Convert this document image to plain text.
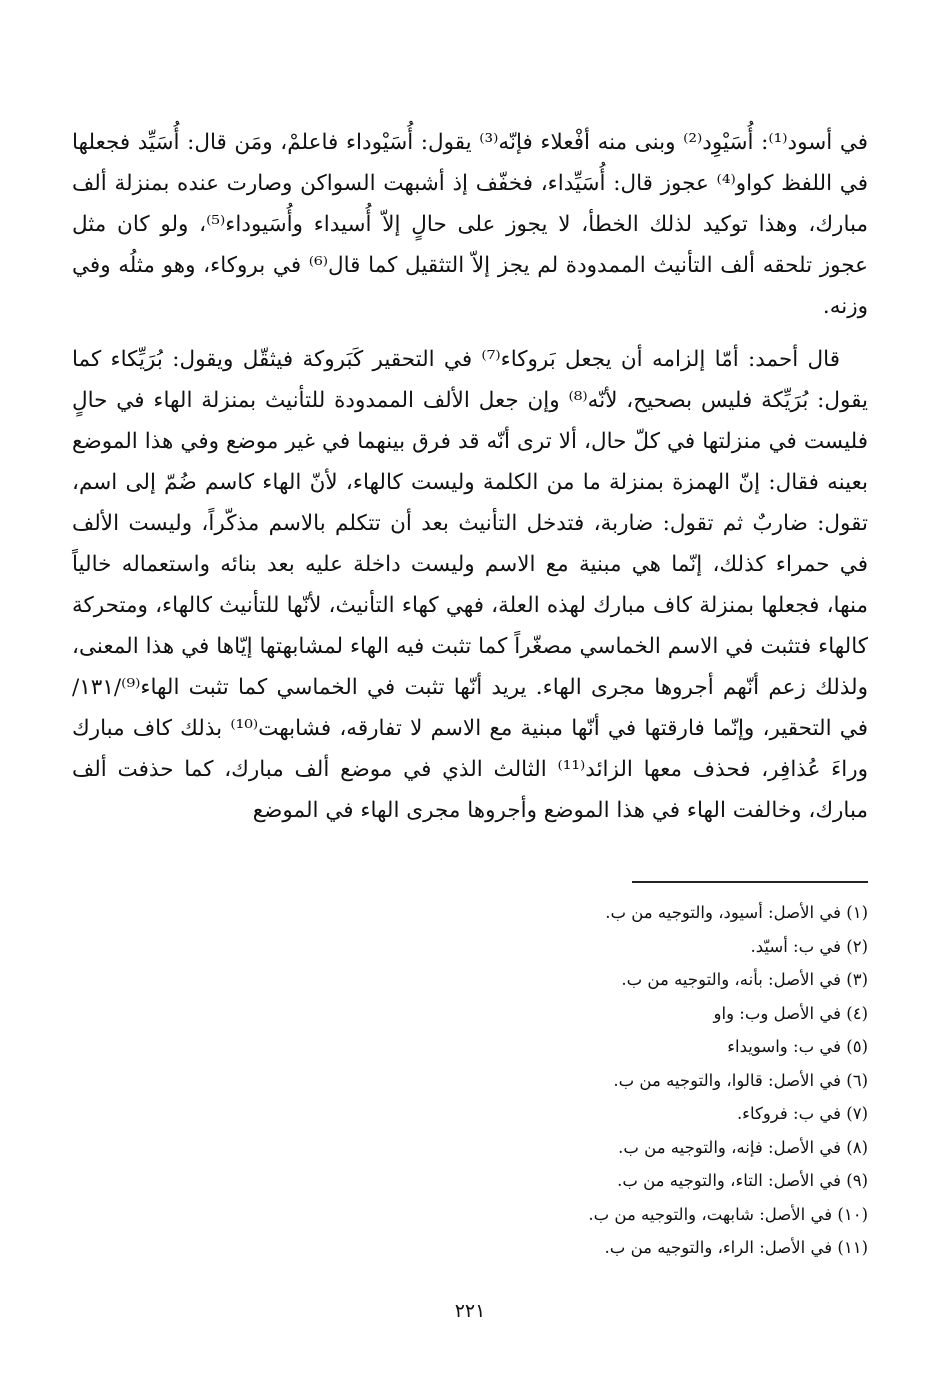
في أسود⁽¹⁾: أُسَيْوِد⁽²⁾ وبنى منه أفْعلاء فإنّه⁽³⁾ يقول: أُسَيْوداء فاعلمْ، ومَن قال: أُسَيِّد فجعلها في اللفظ كواو⁽⁴⁾ عجوز قال: أُسَيِّداء، فخفّف إذ أشبهت السواكن وصارت عنده بمنزلة ألف مبارك، وهذا توكيد لذلك الخطأ، لا يجوز على حالٍ إلاّ أُسيداء وأُسَيوداء⁽⁵⁾، ولو كان مثل عجوز تلحقه ألف التأنيث الممدودة لم يجز إلاّ التثقيل كما قال⁽⁶⁾ في بروكاء، وهو مثلُه وفي وزنه.

قال أحمد: أمّا إلزامه أن يجعل بَروكاء⁽⁷⁾ في التحقير كَبَروكة فيثقّل ويقول: بُرَيِّكاء كما يقول: بُرَيِّكة فليس بصحيح، لأنّه⁽⁸⁾ وإن جعل الألف الممدودة للتأنيث بمنزلة الهاء في حالٍ فليست في منزلتها في كلّ حال، ألا ترى أنّه قد فرق بينهما في غير موضع وفي هذا الموضع بعينه فقال: إنّ الهمزة بمنزلة ما من الكلمة وليست كالهاء، لأنّ الهاء كاسم ضُمّ إلى اسم، تقول: ضاربٌ ثم تقول: ضاربة، فتدخل التأنيث بعد أن تتكلم بالاسم مذكّراً، وليست الألف في حمراء كذلك، إنّما هي مبنية مع الاسم وليست داخلة عليه بعد بنائه واستعماله خالياً منها، فجعلها بمنزلة كاف مبارك لهذه العلة، فهي كهاء التأنيث، لأنّها للتأنيث كالهاء، ومتحركة كالهاء فتثبت في الاسم الخماسي مصغّراً كما تثبت فيه الهاء لمشابهتها إيّاها في هذا المعنى، ولذلك زعم أنّهم أجروها مجرى الهاء. يريد أنّها تثبت في الخماسي كما تثبت الهاء⁽⁹⁾/١٣١/ في التحقير، وإنّما فارقتها في أنّها مبنية مع الاسم لا تفارقه، فشابهت⁽¹⁰⁾ بذلك كاف مبارك وراءَ عُذافِر، فحذف معها الزائد⁽¹¹⁾ الثالث الذي في موضع ألف مبارك، كما حذفت ألف مبارك، وخالفت الهاء في هذا الموضع وأجروها مجرى الهاء في الموضع

(١) في الأصل: أسيود، والتوجيه من ب.
(٢) في ب: أسيّد.
(٣) في الأصل: بأنه، والتوجيه من ب.
(٤) في الأصل وب: واو
(٥) في ب: واسويداء
(٦) في الأصل: قالوا، والتوجيه من ب.
(٧) في ب: فروكاء.
(٨) في الأصل: فإنه، والتوجيه من ب.
(٩) في الأصل: التاء، والتوجيه من ب.
(١٠) في الأصل: شابهت، والتوجيه من ب.
(١١) في الأصل: الراء، والتوجيه من ب.
٢٢١
